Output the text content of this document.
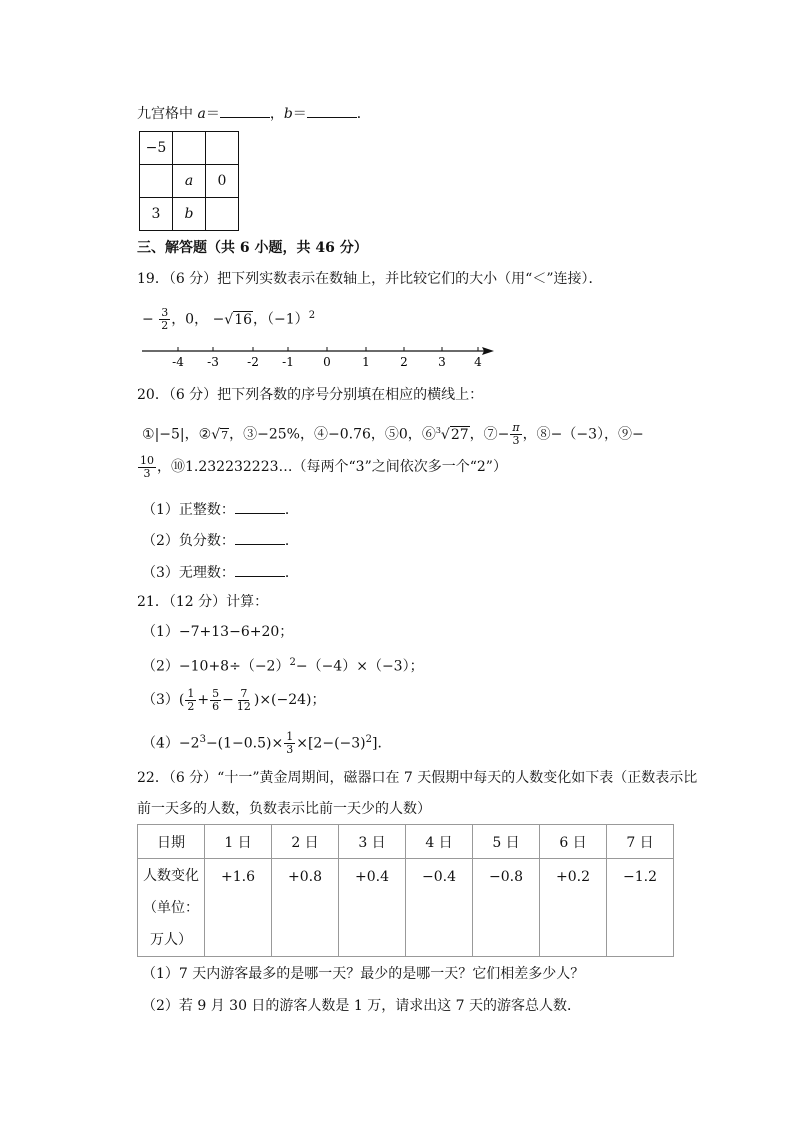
九宫格中 a＝	，b＝	．
−5		
	a	0
3	b	
三、解答题（共 6 小题，共 46 分）
19．（6 分）把下列实数表示在数轴上，并比较它们的大小（用“＜”连接）．
− $\frac{3}{2}$ ，0， −√16，$(-1)^2$
-4 -3 -2 -1 0	1	2	3 4
20．（6 分）把下列各数的序号分别填在相应的横线上：
①|−5|，②√7，③−25%，④−0.76，⑤0，⑥$^3$√27，⑦− $\frac{\pi}{3}$ ，⑧−（−3），⑨−
$\frac{10}{3}$ ，⑩1.232232223…（每两个“3”之间依次多一个“2”）
（1）正整数：	．
（2）负分数：	．
（3）无理数：	．
21．（12 分）计算：
（1）−7+13−6+20；
$(2)-10+8\div(-2)^2-(-4)\times(-3)$；
$(3)( \frac{1}{2} + \frac{5}{6} - \frac{7}{12} )\times(-24)$；
$(4)-2^3-(1-0.5)\times \frac{1}{3} \times[2-(-3)^2]$．
22．（6 分）“十一”黄金周期间，磁器口在 7 天假期中每天的人数变化如下表（正数表示比
前一天多的人数，负数表示比前一天少的人数）
日期	1 日	2 日	3 日	4 日	5 日	6 日	7 日

人数变化
（单位：
万人）	+1.6	+0.8	+0.4	−0.4	−0.8	+0.2	−1.2
（1）7 天内游客最多的是哪一天？最少的是哪一天？它们相差多少人？
（2）若 9 月 30 日的游客人数是 1 万，请求出这 7 天的游客总人数．
